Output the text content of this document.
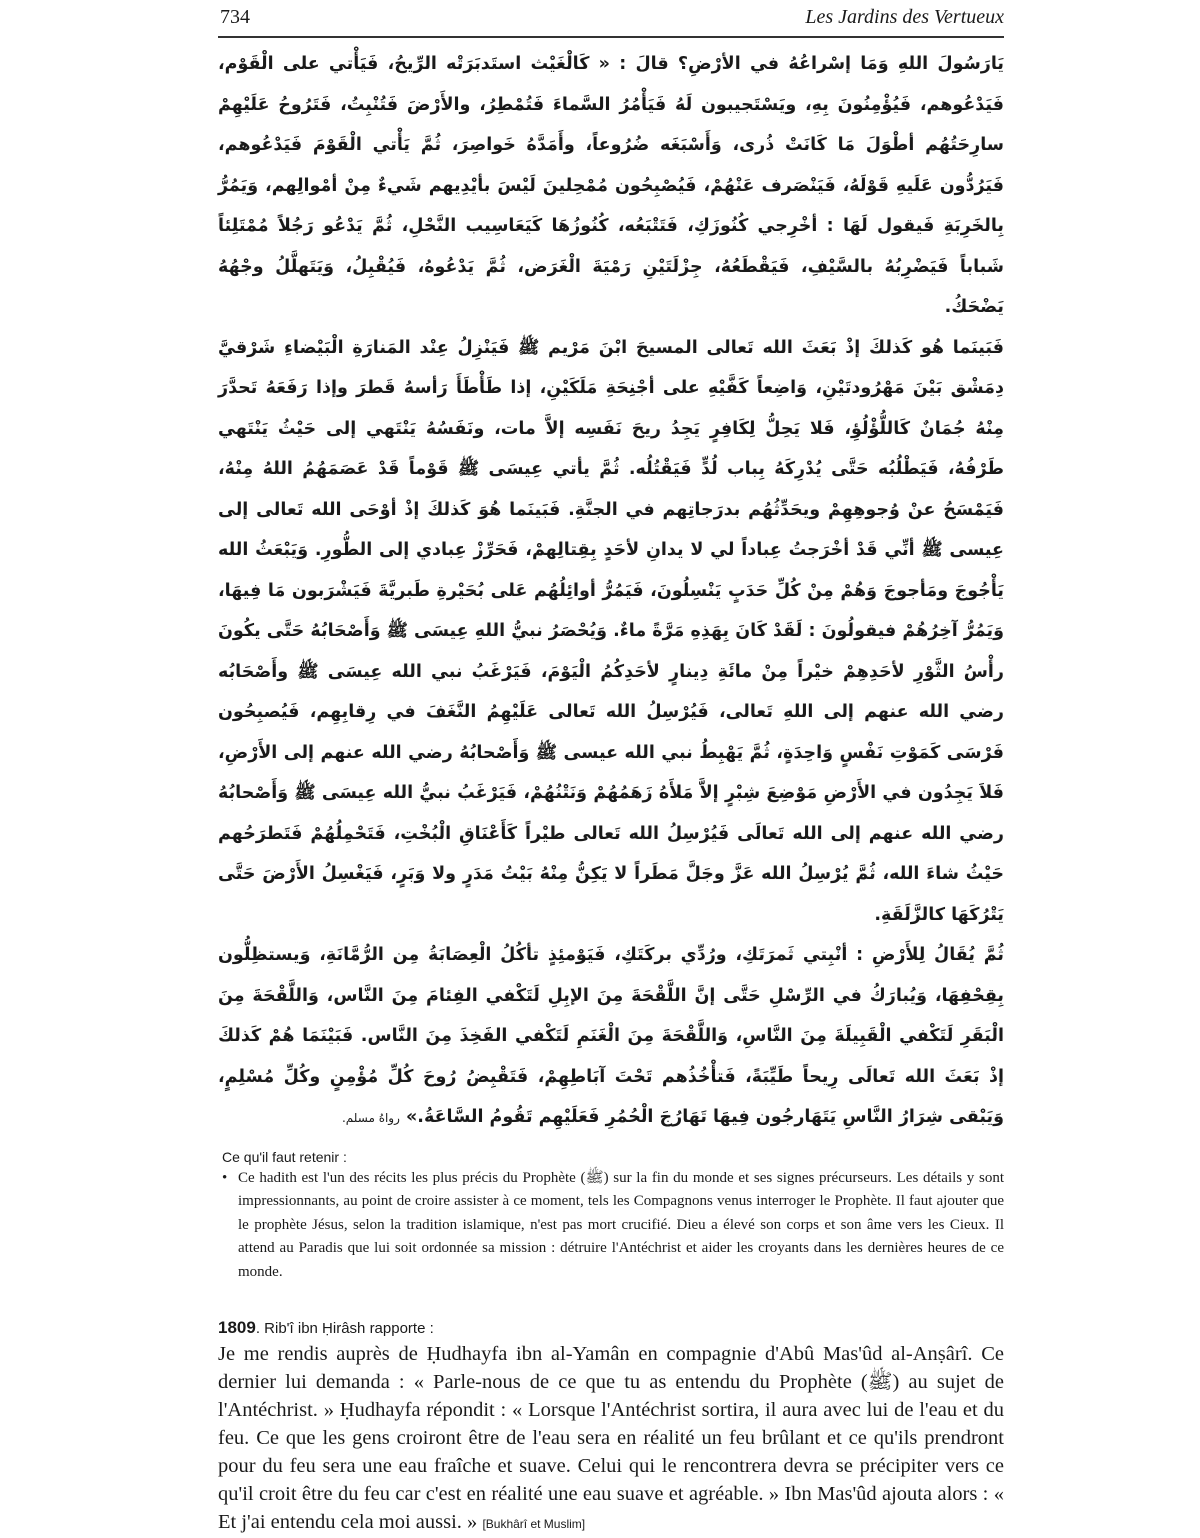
734	Les Jardins des Vertueux

يَارَسُولَ اللهِ وَمَا إسْراعُهُ في الأرْضِ؟ قالَ : « كَالْغَيْث استَدبَرَتْه الرِّيحُ، فَيَأْتي على الْقَوْم، فَيَدْعُوهم، فَيُؤْمِنُونَ بِهِ، ويَسْتَجيبون لَهُ فَيَأْمُرُ السَّماءَ فَتُمْطِرُ، والأَرْضَ فَتُنْبِتُ، فَتَرُوحُ عَلَيْهِمْ سارِحَتُهُم أطْوَلَ مَا كَانَتْ ذُرى، وَأَسْبَغَه ضُرُوعاً، وأَمَدَّهُ خَواصِرَ، ثُمَّ يَأْتي الْقَوْمَ فَيَدْعُوهم، فَيَرُدُّون عَلَيهِ قَوْلَهُ، فَيَنْصَرف عَنْهُمْ، فَيُصْبِحُون مُمْحِلينَ لَيْسَ بأيْدِيهم شَيءٌ مِنْ أمْوالِهم، وَيَمُرُّ بِالخَرِبَةِ فَيقول لَهَا : أخْرِجي كُنُوزَكِ، فَتَتْبَعُه، كُنُوزُهَا كَيَعَاسِيب النَّحْلِ، ثُمَّ يَدْعُو رَجُلاً مُمْتَلِئاً شَباباً فَيَضْرِبُهُ بالسَّيْفِ، فَيَقْطَعُهُ، جِزْلَتَيْنِ رَمْيَةَ الْغَرَض، ثُمَّ يَدْعُوهُ، فَيُقْبِلُ، وَيَتَهلَّلُ وجْهُهُ يَضْحَكُ.

فَبَينَما هُو كَذلكَ إذْ بَعَثَ الله تَعالى المسيحَ ابْنَ مَرْيم ﷺ فَيَنْزِلُ عِنْد المَنارَةِ الْبَيْضاءِ شَرْقيَّ دِمَشْق بَيْنَ مَهْرُودتَيْنِ، وَاضِعاً كَفَّيْهِ على أجْنِحَةِ مَلَكَيْنِ، إذا طَأْطَأَ رَأسهُ قَطرَ وإذا رَفَعَهُ تَحدَّرَ مِنْهُ جُمَانٌ كَاللُّؤْلُؤِ، فَلا يَحِلُّ لِكَافِرٍ يَجِدُ ريحَ نَفَسِه إلاَّ مات، ونَفَسُهُ يَنْتَهي إلى حَيْثُ يَنْتَهي طَرْفُهُ، فَيَطْلُبُه حَتَّى يُدْرِكَهُ بِباب لُدٍّ فَيَقْتُلُه. ثُمَّ يأتي عِيسَى ﷺ قَوْماً قَدْ عَصَمَهُمُ اللهُ مِنْهُ، فَيَمْسَحُ عنْ وُجوهِهِمْ ويحَدِّثُهُم بدرَجاتِهم في الجنَّةِ. فَبَينَما هُوَ كَذلكَ إذْ أوْحَى الله تَعالى إلى عِيسى ﷺ أنِّي قَدْ أخْرَجتُ عِباداً لي لا يدانِ لأحَدٍ بِقِتالِهمْ، فَحَرِّزْ عِبادي إلى الطُّورِ. وَيَبْعَثُ الله يَأْجُوجَ ومَأجوجَ وَهُمْ مِنْ كُلِّ حَدَبٍ يَنْسِلُونَ، فَيَمُرُّ أوائِلُهُم عَلى بُحَيْرةِ طَبريَّةَ فَيَشْرَبون مَا فِيهَا، وَيَمُرُّ آخِرُهُمْ فيقولُونَ : لَقَدْ كَانَ بِهَذِهِ مَرَّةً ماءٌ. وَيُحْصَرُ نبيُّ اللهِ عِيسَى ﷺ وَأَصْحَابُهُ حَتَّى يكُونَ رأْسُ الثَّوْرِ لأحَدِهِمْ خيْراً مِنْ مائَةِ دِينارٍ لأحَدِكُمُ الْيَوْمَ، فَيَرْغَبُ نبي الله عِيسَى ﷺ وأَصْحَابُه رضي الله عنهم إلى اللهِ تَعالى، فَيُرْسِلُ الله تَعالى عَلَيْهِمُ النَّغَفَ في رِقابِهِم، فَيُصبِحُون فَرْسَى كَمَوْتِ نَفْسٍ وَاحِدَةٍ، ثُمَّ يَهْبِطُ نبي الله عيسى ﷺ وَأَصْحابُهُ رضي الله عنهم إلى الأَرْضِ، فَلاَ يَجِدُون في الأَرْضِ مَوْضِعَ شِبْرٍ إلاَّ مَلأَهُ زَهَمُهُمْ وَنَتْنُهُمْ، فَيَرْغَبُ نبيُّ الله عِيسَى ﷺ وَأَصْحابُهُ رضي الله عنهم إلى الله تَعالَى فَيُرْسِلُ الله تَعالى طيْراً كَأَعْنَاقِ الْبُخْتِ، فَتَحْمِلُهُمْ فَتَطرَحُهم حَيْثُ شاءَ الله، ثُمَّ يُرْسِلُ الله عَزَّ وجَلَّ مَطَراً لا يَكِنُّ مِنْهُ بَيْتُ مَدَرٍ ولا وَبَرٍ، فَيَغْسِلُ الأَرْضَ حَتَّى يَتْرُكَهَا كالزَّلَقَةِ.

ثُمَّ يُقَالُ لِلأَرْضِ : أنْبِتي ثَمرَتَكِ، ورُدِّي بركَتَكِ، فَيَوْمئِذٍ تأكُلُ الْعِصَابَةُ مِن الرُّمَّانَةِ، وَيستظِلُّون بِقِحْفِهَا، وَيُبارَكُ في الرِّسْلِ حَتَّى إنَّ اللَّقْحَةَ مِنَ الإبِلِ لَتَكْفي الفِئامَ مِنَ النَّاس، وَاللَّقْحَةَ مِنَ الْبَقَرِ لَتَكْفي الْقَبِيلَةَ مِنَ النَّاسِ، وَاللَّقْحَةَ مِنَ الْغَنَمِ لَتَكْفي الفَخِذَ مِنَ النَّاس. فَبَيْنَمَا هُمْ كَذلكَ إذْ بَعَثَ الله تَعالَى رِيحاً طَيِّبَةً، فَتأْخُذُهم تَحْتَ آبَاطِهِمْ، فَتَقْبِضُ رُوحَ كُلِّ مُؤْمِنٍ وكُلِّ مُسْلِمٍ، وَيَبْقى شِرَارُ النَّاسِ يَتَهَارجُون فِيهَا تَهَارُجَ الْحُمُرِ فَعَلَيْهِم تَقُومُ السَّاعَةُ.» رواهُ مسلم.

Ce qu'il faut retenir :
• Ce hadith est l'un des récits les plus précis du Prophète (ﷺ) sur la fin du monde et ses signes précurseurs. Les détails y sont impressionnants, au point de croire assister à ce moment, tels les Compagnons venus interroger le Prophète. Il faut ajouter que le prophète Jésus, selon la tradition islamique, n'est pas mort crucifié. Dieu a élevé son corps et son âme vers les Cieux. Il attend au Paradis que lui soit ordonnée sa mission : détruire l'Antéchrist et aider les croyants dans les dernières heures de ce monde.
1809. Rib'î ibn Ḥirâsh rapporte :
Je me rendis auprès de Ḥudhayfa ibn al-Yamân en compagnie d'Abû Mas'ûd al-Anṣârî. Ce dernier lui demanda : « Parle-nous de ce que tu as entendu du Prophète (ﷺ) au sujet de l'Antéchrist. » Ḥudhayfa répondit : « Lorsque l'Antéchrist sortira, il aura avec lui de l'eau et du feu. Ce que les gens croiront être de l'eau sera en réalité un feu brûlant et ce qu'ils prendront pour du feu sera une eau fraîche et suave. Celui qui le rencontrera devra se précipiter vers ce qu'il croit être du feu car c'est en réalité une eau suave et agréable. » Ibn Mas'ûd ajouta alors : « Et j'ai entendu cela moi aussi. » [Bukhârî et Muslim]
